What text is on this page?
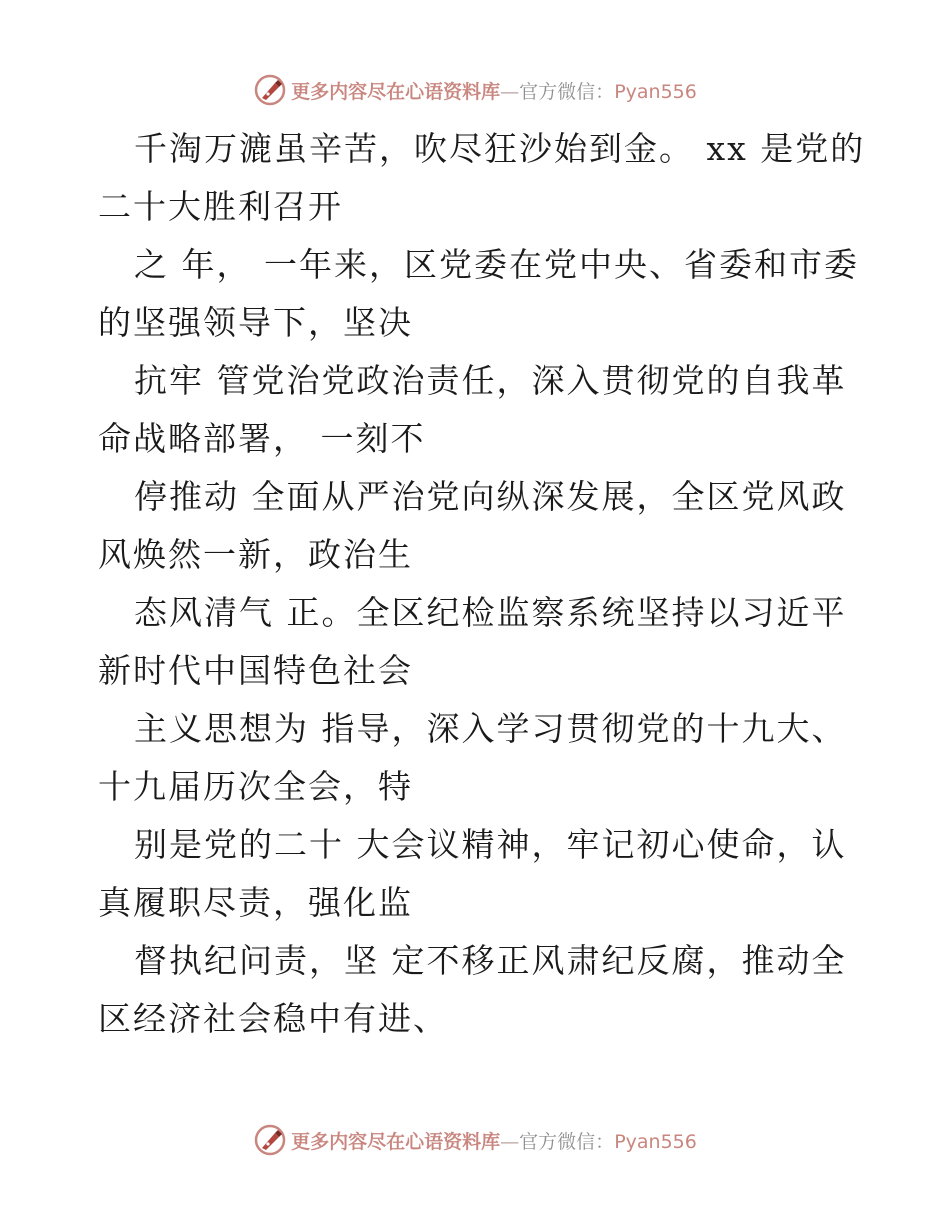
更多内容尽在心语资料库—官方微信：Pyan556
千淘万漉虽辛苦，吹尽狂沙始到金。 xx 是党的
二十大胜利召开
之 年， 一年来，区党委在党中央、省委和市委
的坚强领导下，坚决
抗牢 管党治党政治责任，深入贯彻党的自我革
命战略部署， 一刻不
停推动 全面从严治党向纵深发展，全区党风政
风焕然一新，政治生
态风清气 正。全区纪检监察系统坚持以习近平
新时代中国特色社会
主义思想为 指导，深入学习贯彻党的十九大、
十九届历次全会，特
别是党的二十 大会议精神，牢记初心使命，认
真履职尽责，强化监
督执纪问责，坚 定不移正风肃纪反腐，推动全
区经济社会稳中有进、
更多内容尽在心语资料库—官方微信：Pyan556
